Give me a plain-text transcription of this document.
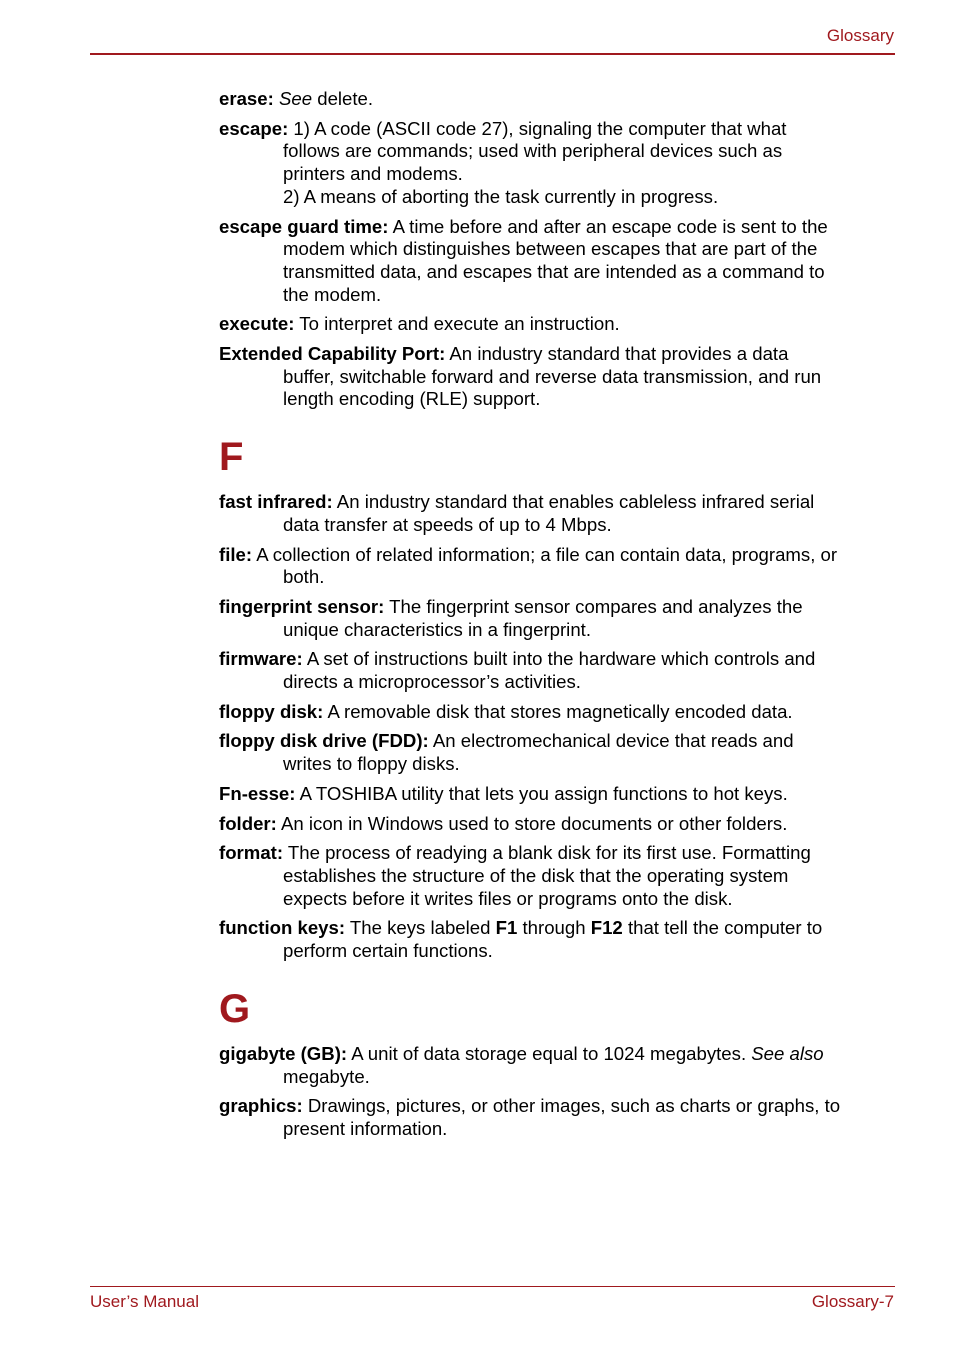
Glossary

erase: See delete.

escape: 1) A code (ASCII code 27), signaling the computer that what
follows are commands; used with peripheral devices such as
printers and modems.
2) A means of aborting the task currently in progress.

escape guard time: A time before and after an escape code is sent to the
modem which distinguishes between escapes that are part of the
transmitted data, and escapes that are intended as a command to
the modem.

execute: To interpret and execute an instruction.

Extended Capability Port: An industry standard that provides a data
buffer, switchable forward and reverse data transmission, and run
length encoding (RLE) support.

F

fast infrared: An industry standard that enables cableless infrared serial
data transfer at speeds of up to 4 Mbps.

file: A collection of related information; a file can contain data, programs, or
both.

fingerprint sensor: The fingerprint sensor compares and analyzes the
unique characteristics in a fingerprint.

firmware: A set of instructions built into the hardware which controls and
directs a microprocessor’s activities.

floppy disk: A removable disk that stores magnetically encoded data.

floppy disk drive (FDD): An electromechanical device that reads and
writes to floppy disks.

Fn-esse: A TOSHIBA utility that lets you assign functions to hot keys.

folder: An icon in Windows used to store documents or other folders.

format: The process of readying a blank disk for its first use. Formatting
establishes the structure of the disk that the operating system
expects before it writes files or programs onto the disk.

function keys: The keys labeled F1 through F12 that tell the computer to
perform certain functions.

G

gigabyte (GB): A unit of data storage equal to 1024 megabytes. See also
megabyte.

graphics: Drawings, pictures, or other images, such as charts or graphs, to
present information.

User’s Manual	Glossary-7
